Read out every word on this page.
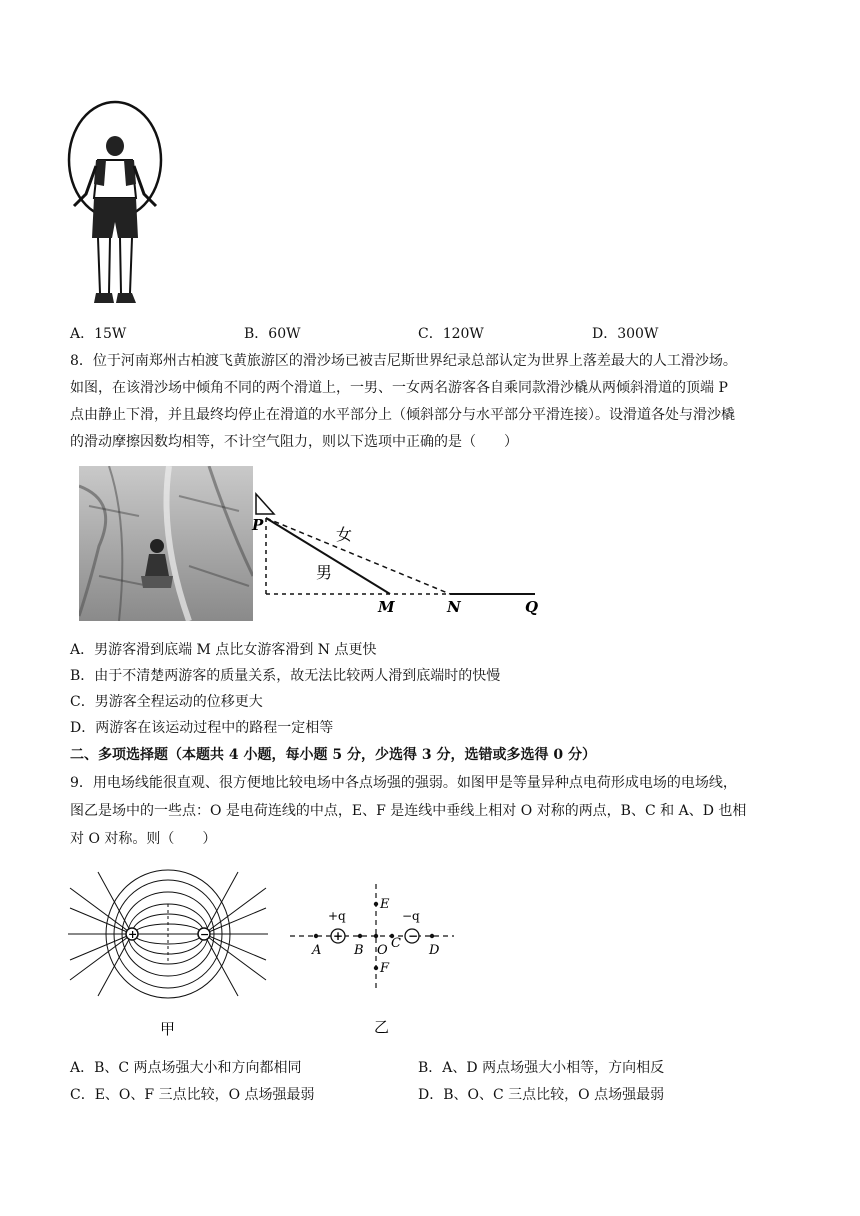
A．15W	B．60W	C．120W	D．300W
8．位于河南郑州古柏渡飞黄旅游区的滑沙场已被吉尼斯世界纪录总部认定为世界上落差最大的人工滑沙场。
如图，在该滑沙场中倾角不同的两个滑道上，一男、一女两名游客各自乘同款滑沙橇从两倾斜滑道的顶端 P
点由静止下滑，并且最终均停止在滑道的水平部分上（倾斜部分与水平部分平滑连接）。设滑道各处与滑沙橇
的滑动摩擦因数均相等，不计空气阻力，则以下选项中正确的是（　　）
P	女
男
M	N	Q
A．男游客滑到底端 M 点比女游客滑到 N 点更快
B．由于不清楚两游客的质量关系，故无法比较两人滑到底端时的快慢
C．男游客全程运动的位移更大
D．两游客在该运动过程中的路程一定相等
二、多项选择题（本题共 4 小题，每小题 5 分，少选得 3 分，选错或多选得 0 分）
9．用电场线能很直观、很方便地比较电场中各点场强的强弱。如图甲是等量异种点电荷形成电场的电场线，
图乙是场中的一些点：O 是电荷连线的中点，E、F 是连线中垂线上相对 O 对称的两点，B、C 和 A、D 也相
对 O 对称。则（　　）
+	−
甲
+	−
+q	−q
A	B O C D
E
F
乙
A．B、C 两点场强大小和方向都相同	B．A、D 两点场强大小相等，方向相反
C．E、O、F 三点比较，O 点场强最弱	D．B、O、C 三点比较，O 点场强最弱
